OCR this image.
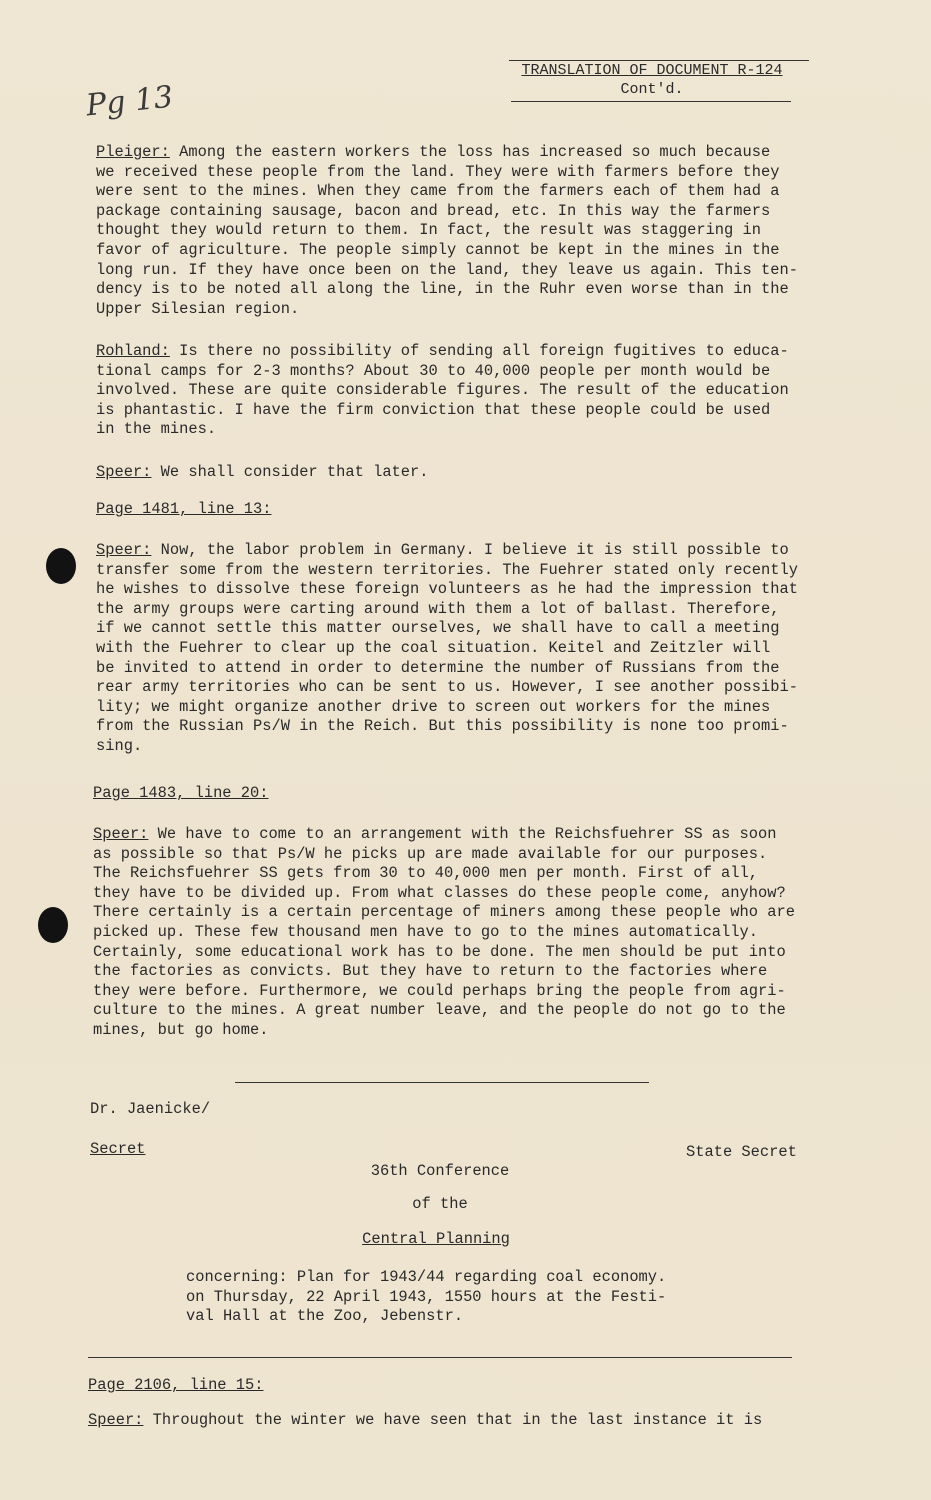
Pg 13
TRANSLATION OF DOCUMENT R-124
Cont'd.
Pleiger: Among the eastern workers the loss has increased so much because
we received these people from the land. They were with farmers before they
were sent to the mines. When they came from the farmers each of them had a
package containing sausage, bacon and bread, etc. In this way the farmers
thought they would return to them. In fact, the result was staggering in
favor of agriculture. The people simply cannot be kept in the mines in the
long run. If they have once been on the land, they leave us again. This ten-
dency is to be noted all along the line, in the Ruhr even worse than in the
Upper Silesian region.
Rohland: Is there no possibility of sending all foreign fugitives to educa-
tional camps for 2-3 months? About 30 to 40,000 people per month would be
involved. These are quite considerable figures. The result of the education
is phantastic. I have the firm conviction that these people could be used
in the mines.
Speer: We shall consider that later.
Page 1481, line 13:
Speer: Now, the labor problem in Germany. I believe it is still possible to
transfer some from the western territories. The Fuehrer stated only recently
he wishes to dissolve these foreign volunteers as he had the impression that
the army groups were carting around with them a lot of ballast. Therefore,
if we cannot settle this matter ourselves, we shall have to call a meeting
with the Fuehrer to clear up the coal situation. Keitel and Zeitzler will
be invited to attend in order to determine the number of Russians from the
rear army territories who can be sent to us. However, I see another possibi-
lity; we might organize another drive to screen out workers for the mines
from the Russian Ps/W in the Reich. But this possibility is none too promi-
sing.
Page 1483, line 20:
Speer: We have to come to an arrangement with the Reichsfuehrer SS as soon
as possible so that Ps/W he picks up are made available for our purposes.
The Reichsfuehrer SS gets from 30 to 40,000 men per month. First of all,
they have to be divided up. From what classes do these people come, anyhow?
There certainly is a certain percentage of miners among these people who are
picked up. These few thousand men have to go to the mines automatically.
Certainly, some educational work has to be done. The men should be put into
the factories as convicts. But they have to return to the factories where
they were before. Furthermore, we could perhaps bring the people from agri-
culture to the mines. A great number leave, and the people do not go to the
mines, but go home.
Dr. Jaenicke/
Secret	State Secret
36th Conference
of the
Central Planning
concerning: Plan for 1943/44 regarding coal economy.
on Thursday, 22 April 1943, 1550 hours at the Festi-
val Hall at the Zoo, Jebenstr.
Page 2106, line 15:
Speer: Throughout the winter we have seen that in the last instance it is
